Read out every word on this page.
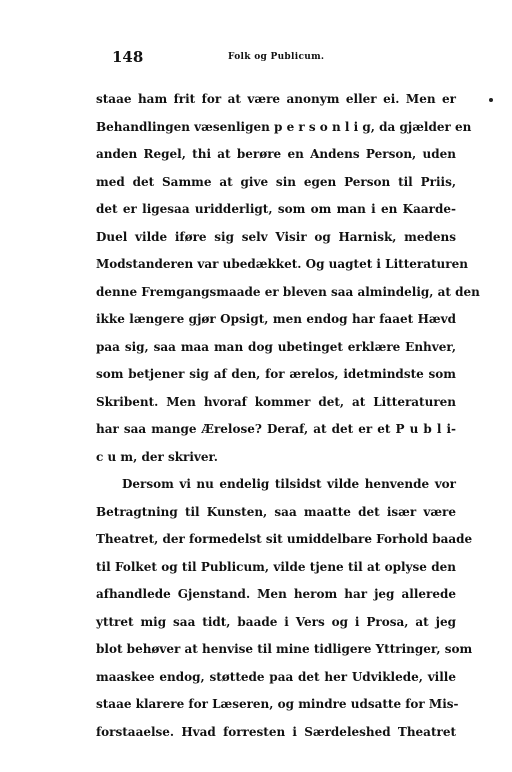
148	Folk og Publicum.
staae ham frit for at være anonym eller ei. Men er
Behandlingen væsenligen p e r s o n l i g, da gjælder en
anden Regel, thi at berøre en Andens Person, uden
med det Samme at give sin egen Person til Priis,
det er ligesaa uridderligt, som om man i en Kaarde-
Duel vilde iføre sig selv Visir og Harnisk, medens
Modstanderen var ubedækket. Og uagtet i Litteraturen
denne Fremgangsmaade er bleven saa almindelig, at den
ikke længere gjør Opsigt, men endog har faaet Hævd
paa sig, saa maa man dog ubetinget erklære Enhver,
som betjener sig af den, for ærelos, idetmindste som
Skribent. Men hvoraf kommer det, at Litteraturen
har saa mange Ærelose? Deraf, at det er et P u b l i-
c u m, der skriver.
Dersom vi nu endelig tilsidst vilde henvende vor
Betragtning til Kunsten, saa maatte det især være
Theatret, der formedelst sit umiddelbare Forhold baade
til Folket og til Publicum, vilde tjene til at oplyse den
afhandlede Gjenstand. Men herom har jeg allerede
yttret mig saa tidt, baade i Vers og i Prosa, at jeg
blot behøver at henvise til mine tidligere Yttringer, som
maaskee endog, støttede paa det her Udviklede, ville
staae klarere for Læseren, og mindre udsatte for Mis-
forstaaelse. Hvad forresten i Særdeleshed Theatret
